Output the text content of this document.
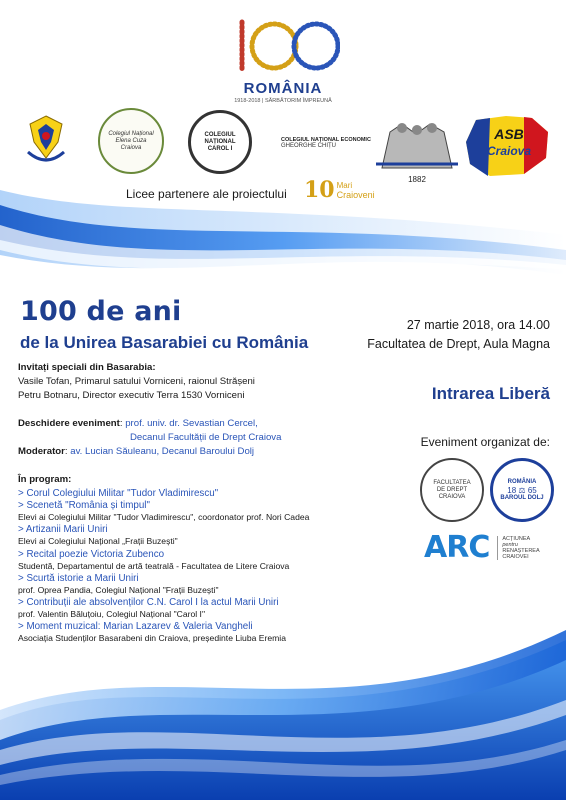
ROMÂNIA
1918-2018 | SĂRBĂTORIM ÎMPREUNĂ
Colegiul Național Elena Cuza Craiova
COLEGIUL NAȚIONAL CAROL I
COLEGIUL NAȚIONAL ECONOMIC
GHEORGHE CHIȚU
1882
ASB
Craiova
Licee partenere ale proiectului 10 Mari
Craioveni
100 de ani
de la Unirea Basarabiei cu România
27 martie 2018, ora 14.00
Facultatea de Drept, Aula Magna
Intrarea Liberă
Eveniment organizat de:
Invitați speciali din Basarabia:
Vasile Tofan, Primarul satului Vorniceni, raionul Strășeni
Petru Botnaru, Director executiv Terra 1530 Vorniceni
Deschidere eveniment: prof. univ. dr. Sevastian Cercel,
Decanul Facultății de Drept Craiova
Moderator: av. Lucian Săuleanu, Decanul Baroului Dolj
În program:
> Corul Colegiului Militar "Tudor Vladimirescu"
> Scenetă "România și timpul"
Elevi ai Colegiului Militar "Tudor Vladimirescu", coordonator prof. Nori Cadea
> Artizanii Marii Uniri
Elevi ai Colegiului Național „Frații Buzești"
> Recital poezie Victoria Zubenco
Studentă, Departamentul de artă teatrală - Facultatea de Litere Craiova
> Scurtă istorie a Marii Uniri
prof. Oprea Pandia, Colegiul Național "Frații Buzești"
> Contribuții ale absolvenților C.N. Carol I la actul Marii Uniri
prof. Valentin Băluțoiu, Colegiul Național "Carol I"
> Moment muzical: Marian Lazarev & Valeria Vangheli
Asociația Studenților Basarabeni din Craiova, președinte Liuba Eremia
FACULTATEA DE DREPT CRAIOVA
ROMÂNIA
18 ⚖ 65
BAROUL DOLJ
ARC ACȚIUNEA
pentru
RENAȘTEREA
CRAIOVEI
